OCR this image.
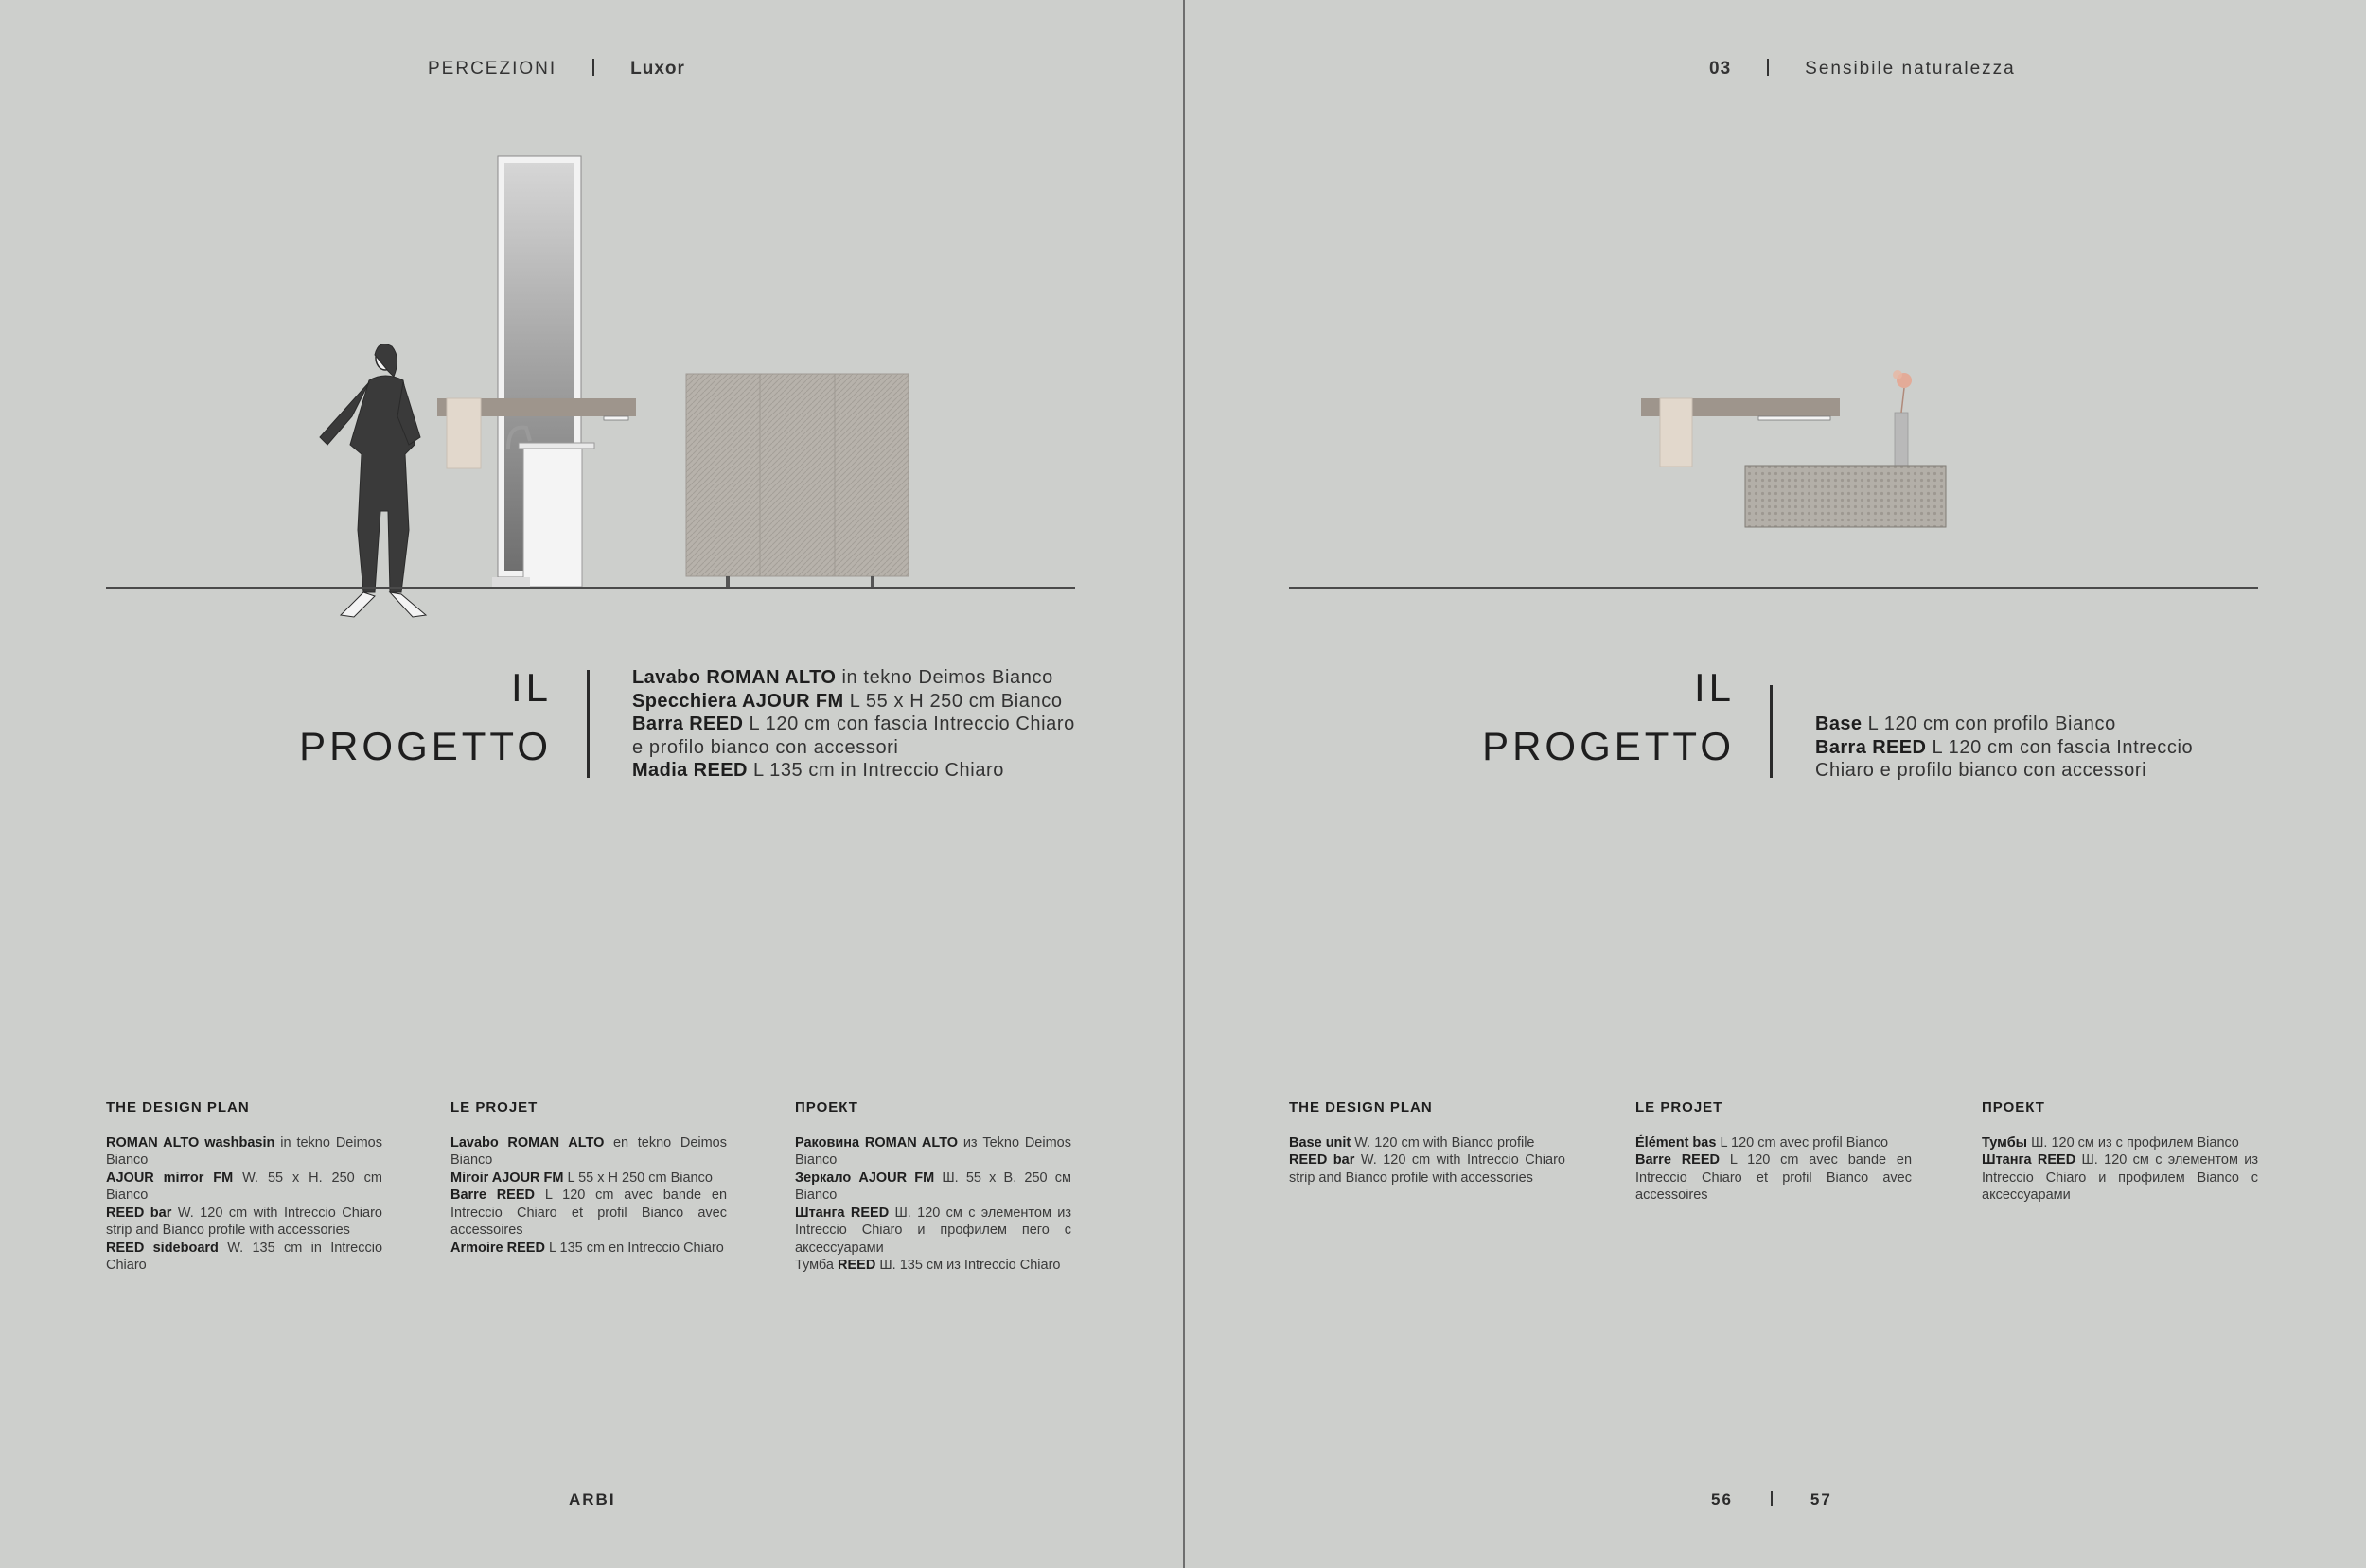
PERCEZIONI	Luxor
IL
PROGETTO
Lavabo ROMAN ALTO in tekno Deimos Bianco
Specchiera AJOUR FM L 55 x H 250 cm Bianco
Barra REED L 120 cm con fascia Intreccio Chiaro
e profilo bianco con accessori
Madia REED L 135 cm in Intreccio Chiaro
THE DESIGN PLAN

ROMAN ALTO washbasin in tekno Deimos Bianco

AJOUR mirror FM W. 55 x H. 250 cm Bianco

REED bar W. 120 cm with Intreccio Chiaro strip and Bianco profile with accessories

REED sideboard W. 135 cm in Intreccio Chiaro

LE PROJET

Lavabo ROMAN ALTO en tekno Deimos Bianco

Miroir AJOUR FM L 55 x H 250 cm Bianco

Barre REED L 120 cm avec bande en Intreccio Chiaro et profil Bianco avec accessoires

Armoire REED L 135 cm en Intreccio Chiaro

ПРОЕКТ

Раковина ROMAN ALTO из Tekno Deimos Bianco

Зеркало AJOUR FM Ш. 55 х В. 250 см Bianco

Штанга REED Ш. 120 см с элементом из Intreccio Chiaro и профилем пего с аксессуарами

Тумба REED Ш. 135 см из Intreccio Chiaro

ARBI
03	Sensibile naturalezza
IL
PROGETTO	Base L 120 cm con profilo Bianco
Barra REED L 120 cm con fascia Intreccio
Chiaro e profilo bianco con accessori
THE DESIGN PLAN

Base unit W. 120 cm with Bianco profile

REED bar W. 120 cm with Intreccio Chiaro strip and Bianco profile with accessories

LE PROJET

Élément bas L 120 cm avec profil Bianco

Barre REED L 120 cm avec bande en Intreccio Chiaro et profil Bianco avec accessoires

ПРОЕКТ

Тумбы Ш. 120 см из с профилем Bianco

Штанга REED Ш. 120 см с элементом из Intreccio Chiaro и профилем Bianco с аксессуарами

56	57
